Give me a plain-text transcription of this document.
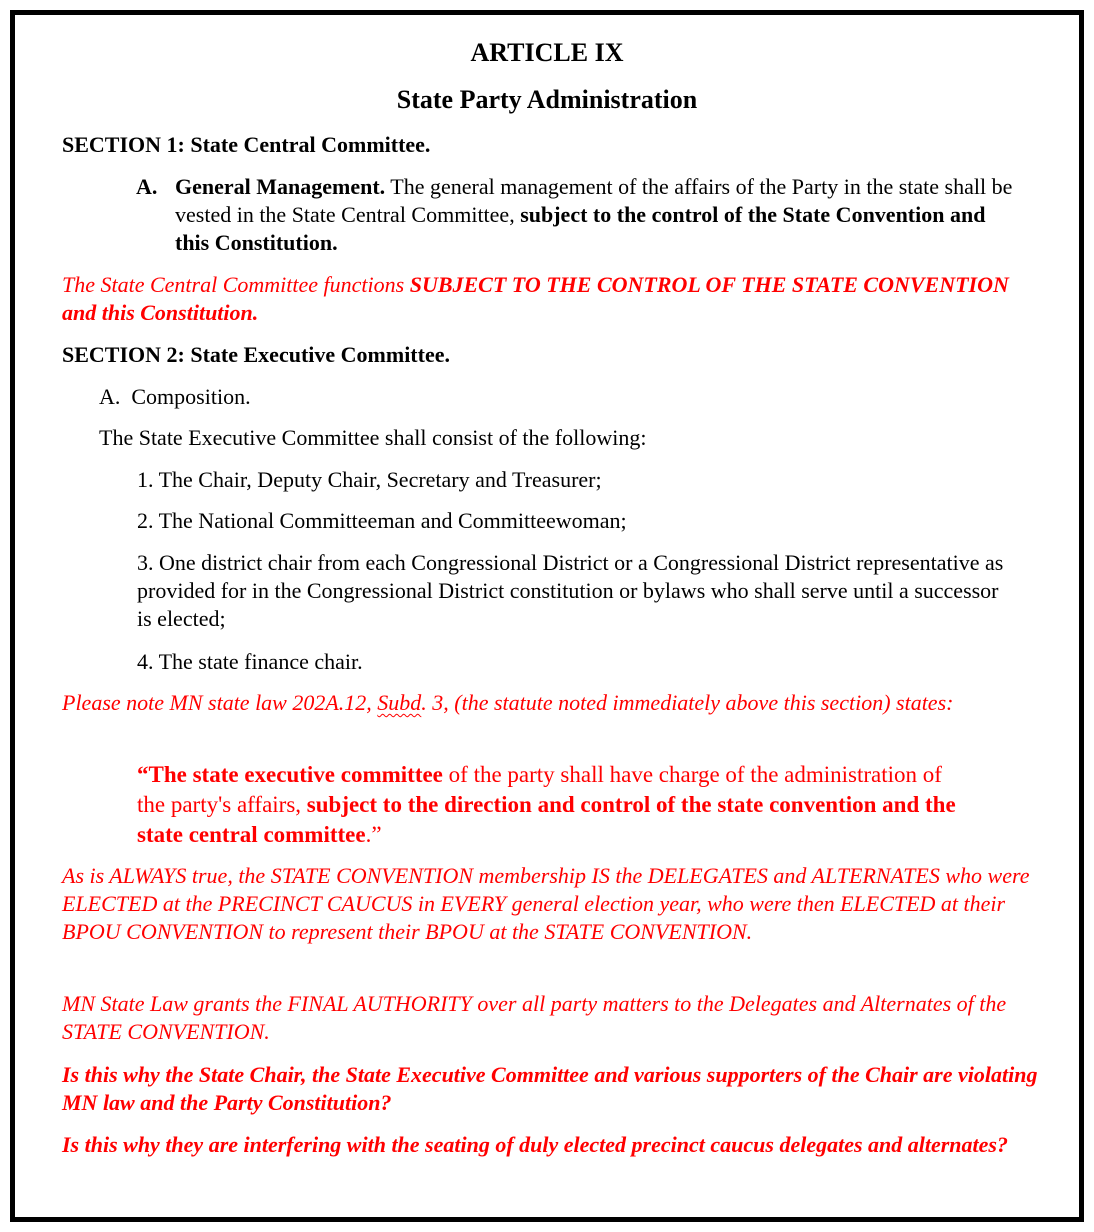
ARTICLE IX
State Party Administration
SECTION 1: State Central Committee.
A. General Management. The general management of the affairs of the Party in the state shall be vested in the State Central Committee, subject to the control of the State Convention and this Constitution.
The State Central Committee functions SUBJECT TO THE CONTROL OF THE STATE CONVENTION and this Constitution.
SECTION 2: State Executive Committee.
A.  Composition.
The State Executive Committee shall consist of the following:
1. The Chair, Deputy Chair, Secretary and Treasurer;
2. The National Committeeman and Committeewoman;
3. One district chair from each Congressional District or a Congressional District representative as provided for in the Congressional District constitution or bylaws who shall serve until a successor is elected;
4. The state finance chair.
Please note MN state law 202A.12, Subd. 3, (the statute noted immediately above this section) states:
“The state executive committee of the party shall have charge of the administration of the party's affairs, subject to the direction and control of the state convention and the state central committee.”
As is ALWAYS true, the STATE CONVENTION membership IS the DELEGATES and ALTERNATES who were ELECTED at the PRECINCT CAUCUS in EVERY general election year, who were then ELECTED at their BPOU CONVENTION to represent their BPOU at the STATE CONVENTION.
MN State Law grants the FINAL AUTHORITY over all party matters to the Delegates and Alternates of the STATE CONVENTION.
Is this why the State Chair, the State Executive Committee and various supporters of the Chair are violating MN law and the Party Constitution?
Is this why they are interfering with the seating of duly elected precinct caucus delegates and alternates?
